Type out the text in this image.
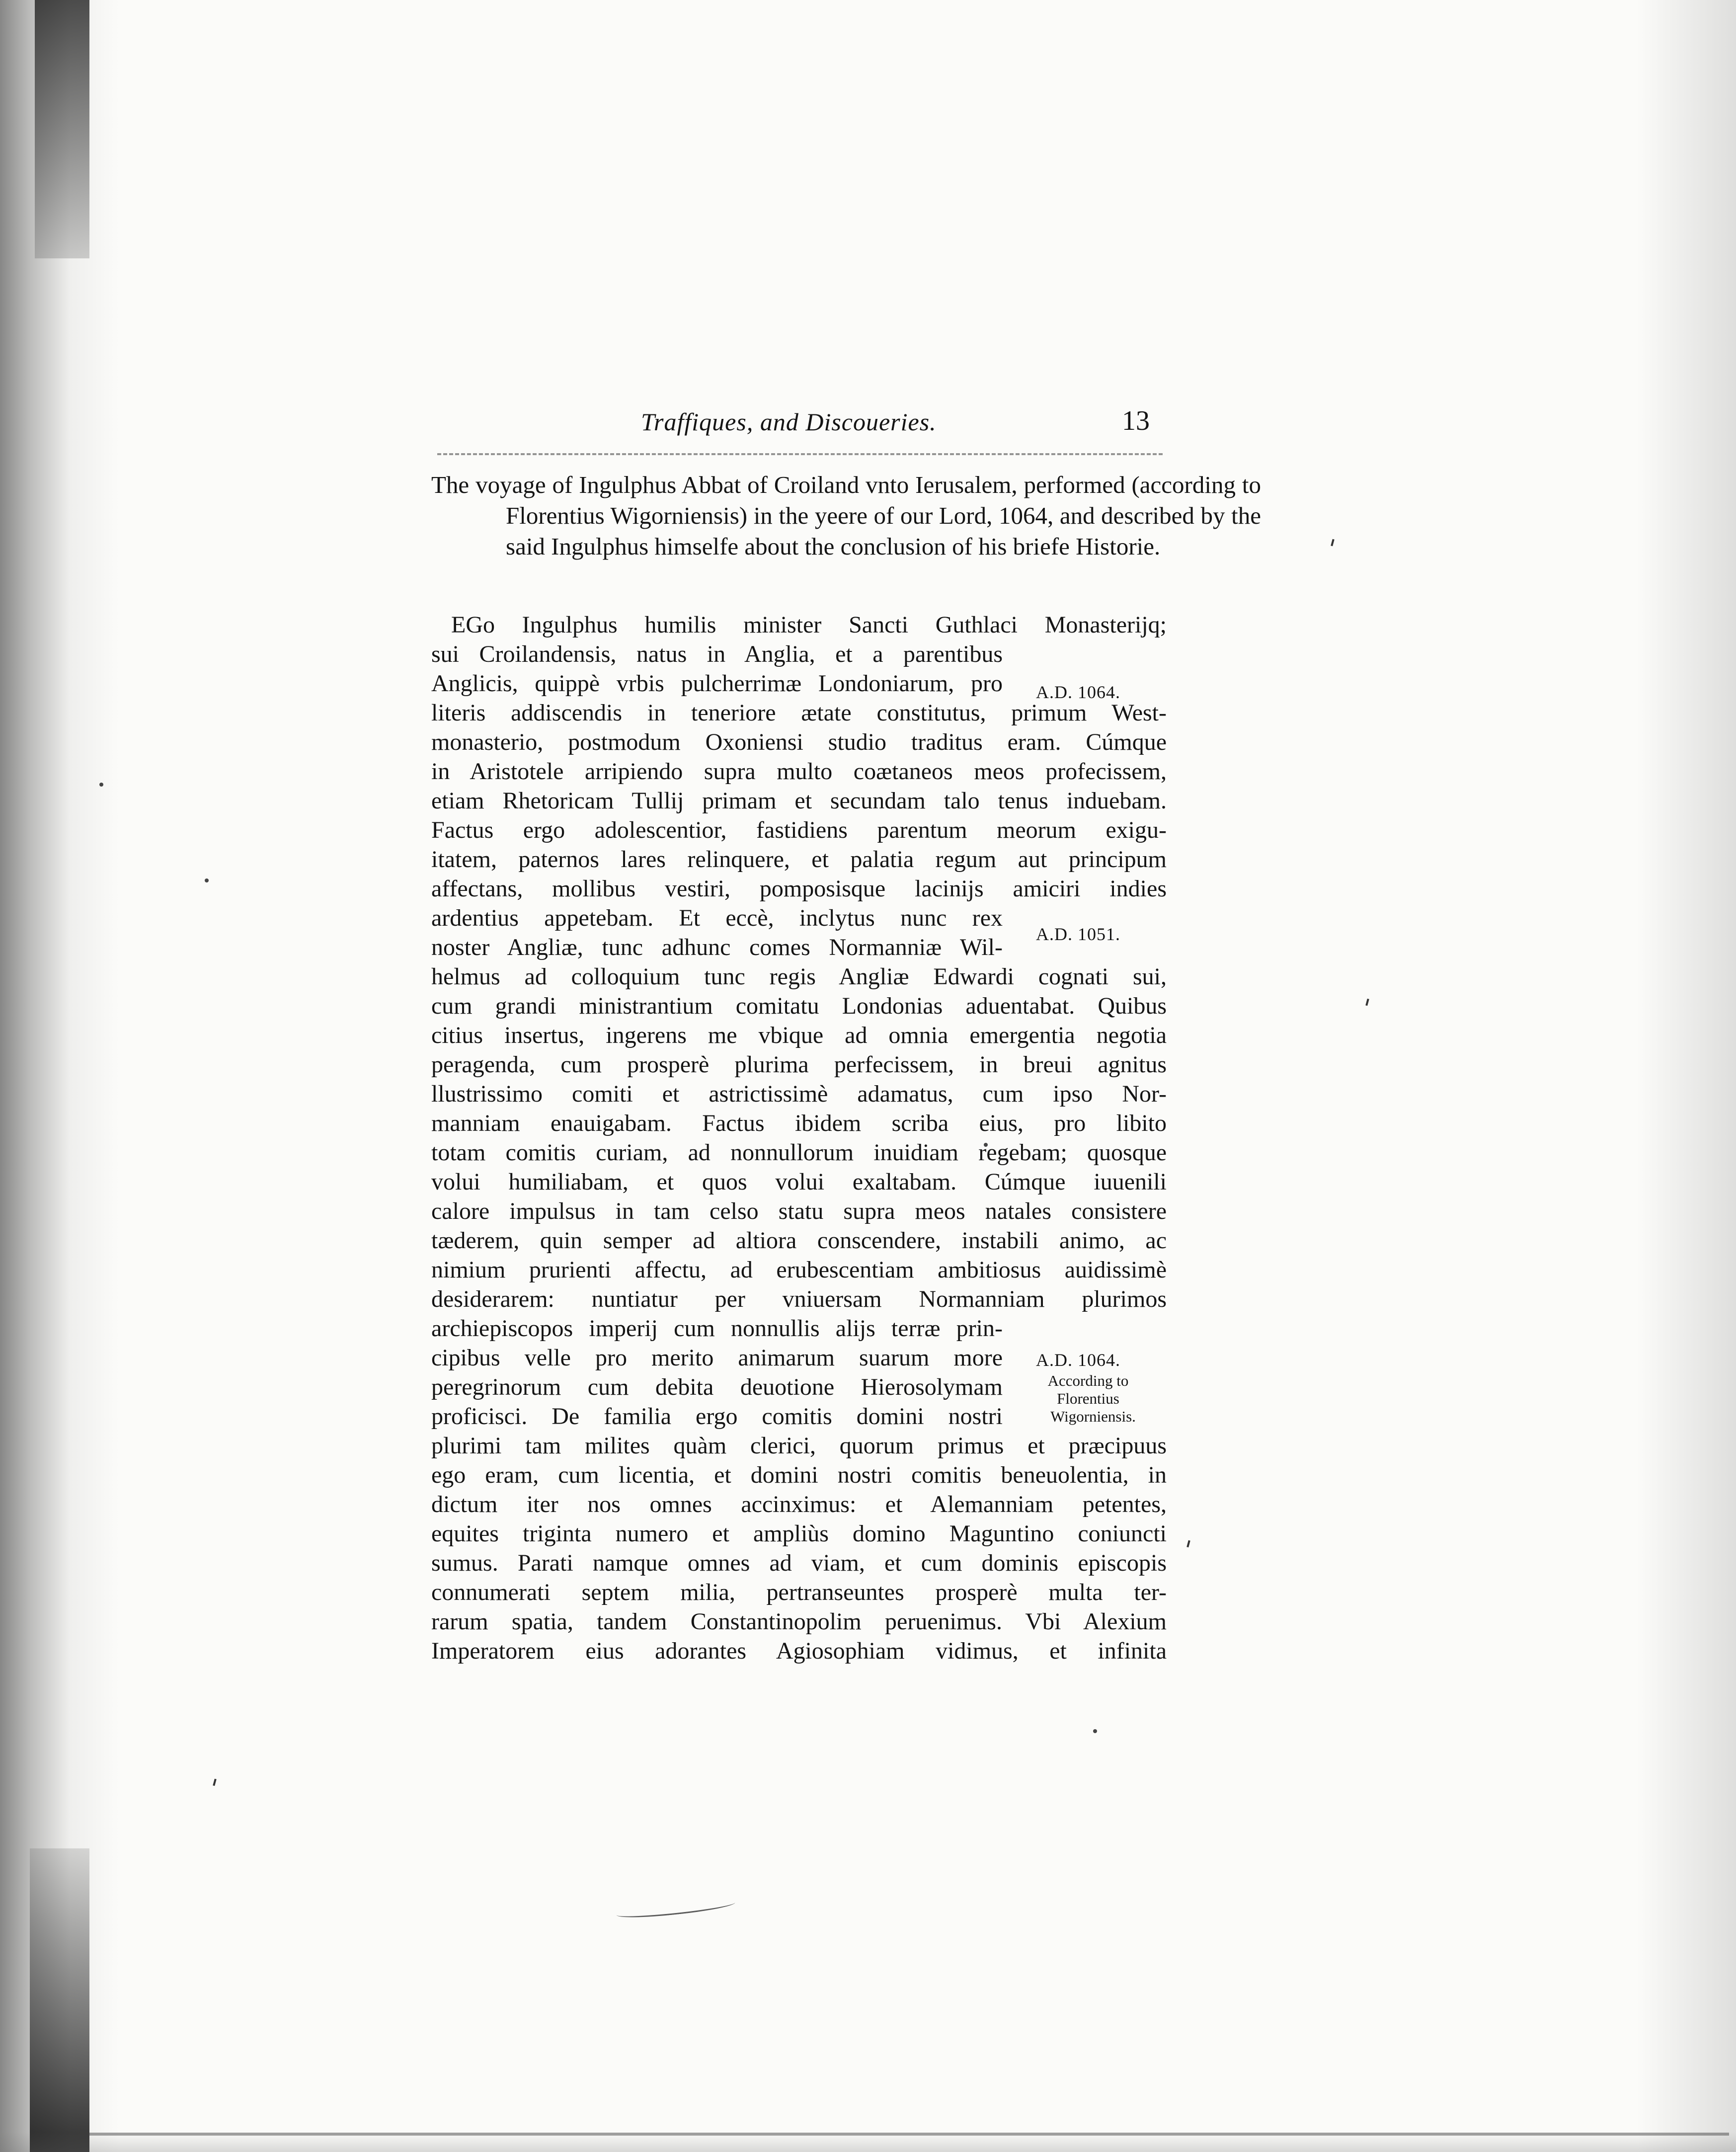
Traffiques, and Discoueries.	13
The voyage of Ingulphus Abbat of Croiland vnto Ierusalem, performed (according to Florentius Wigorniensis) in the yeere of our Lord, 1064, and described by the said Ingulphus himselfe about the conclusion of his briefe Historie.
EGo Ingulphus humilis minister Sancti Guthlaci Monasterijq;
sui Croilandensis, natus in Anglia, et a parentibus
Anglicis, quippè vrbis pulcherrimæ Londoniarum, pro
literis addiscendis in teneriore ætate constitutus, primum West-
monasterio, postmodum Oxoniensi studio traditus eram. Cúmque
in Aristotele arripiendo supra multo coætaneos meos profecissem,
etiam Rhetoricam Tullij primam et secundam talo tenus induebam.
Factus ergo adolescentior, fastidiens parentum meorum exigu-
itatem, paternos lares relinquere, et palatia regum aut principum
affectans, mollibus vestiri, pomposisque lacinijs amiciri indies
ardentius appetebam. Et eccè, inclytus nunc rex
noster Angliæ, tunc adhunc comes Normanniæ Wil-
helmus ad colloquium tunc regis Angliæ Edwardi cognati sui,
cum grandi ministrantium comitatu Londonias aduentabat. Quibus
citius insertus, ingerens me vbique ad omnia emergentia negotia
peragenda, cum prosperè plurima perfecissem, in breui agnitus
llustrissimo comiti et astrictissimè adamatus, cum ipso Nor-
manniam enauigabam. Factus ibidem scriba eius, pro libito
totam comitis curiam, ad nonnullorum inuidiam regebam; quosque
volui humiliabam, et quos volui exaltabam. Cúmque iuuenili
calore impulsus in tam celso statu supra meos natales consistere
tæderem, quin semper ad altiora conscendere, instabili animo, ac
nimium prurienti affectu, ad erubescentiam ambitiosus auidissimè
desiderarem: nuntiatur per vniuersam Normanniam plurimos
archiepiscopos imperij cum nonnullis alijs terræ prin-
cipibus velle pro merito animarum suarum more
peregrinorum cum debita deuotione Hierosolymam
proficisci. De familia ergo comitis domini nostri
plurimi tam milites quàm clerici, quorum primus et præcipuus
ego eram, cum licentia, et domini nostri comitis beneuolentia, in
dictum iter nos omnes accinximus: et Alemanniam petentes,
equites triginta numero et ampliùs domino Maguntino coniuncti
sumus. Parati namque omnes ad viam, et cum dominis episcopis
connumerati septem milia, pertranseuntes prosperè multa ter-
rarum spatia, tandem Constantinopolim peruenimus. Vbi Alexium
Imperatorem eius adorantes Agiosophiam vidimus, et infinita
A.D. 1064.
A.D. 1051.
A.D. 1064.
According to
Florentius
Wigorniensis.
